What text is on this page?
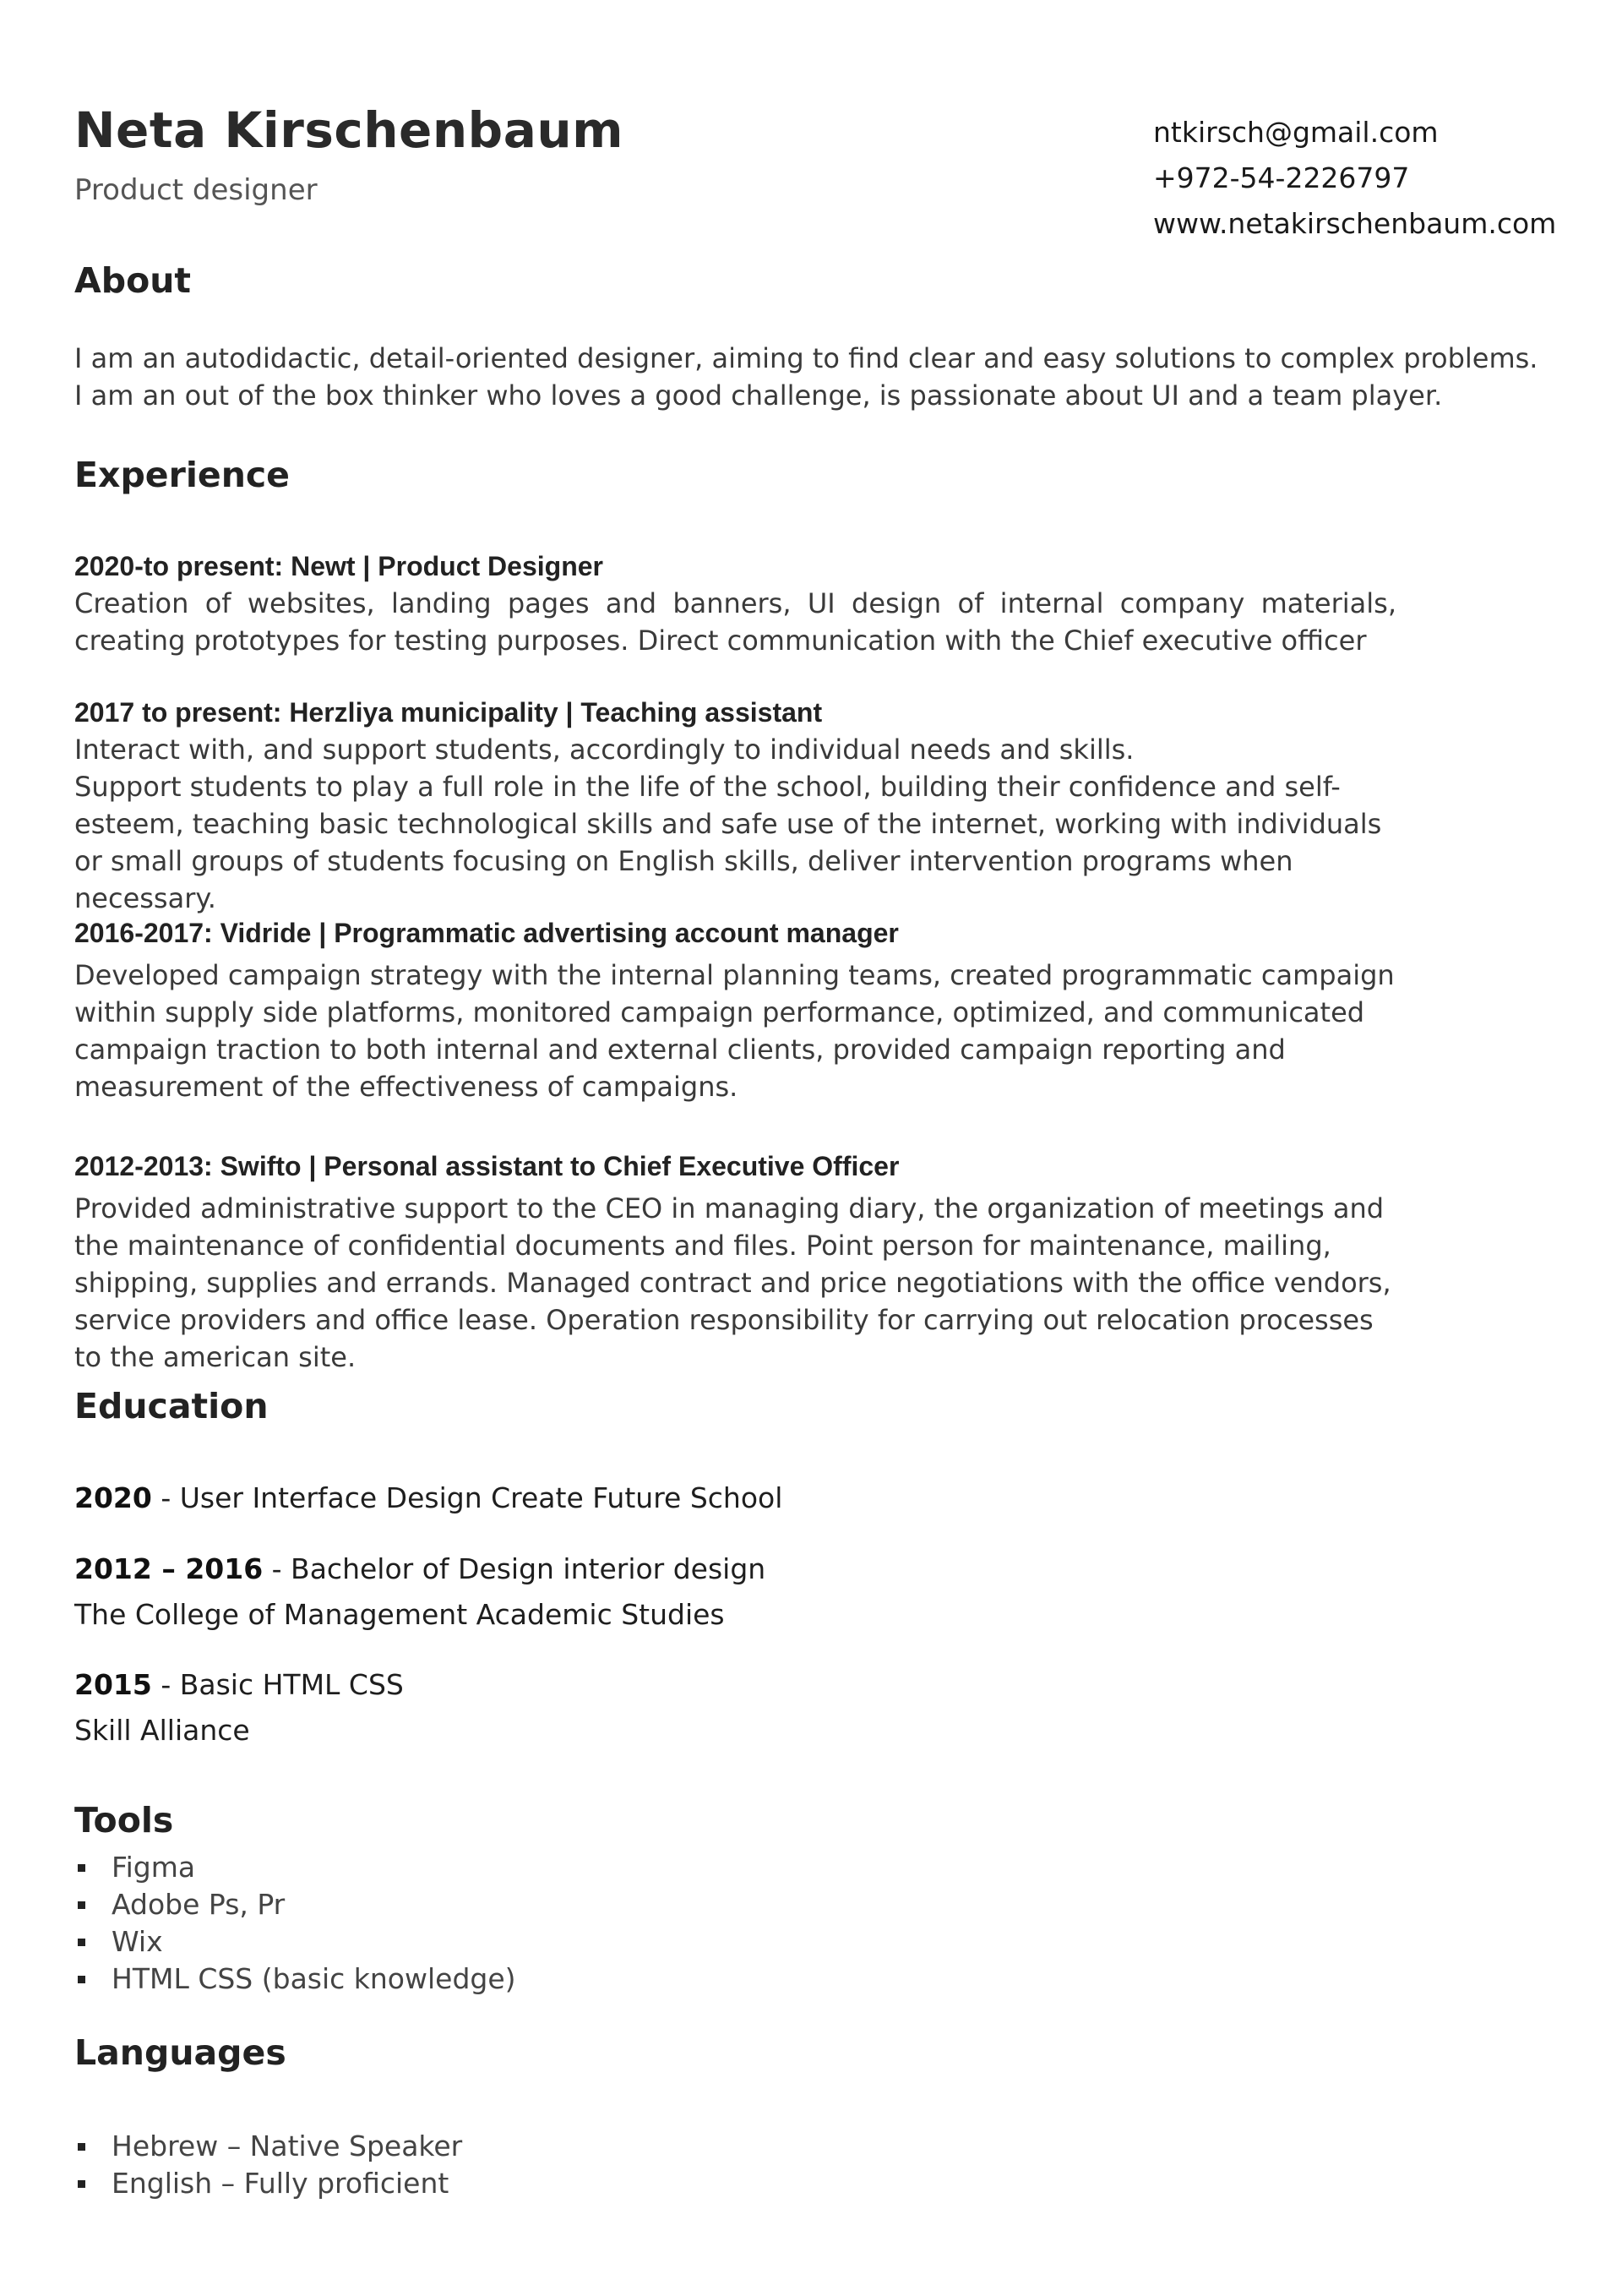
Neta Kirschenbaum
Product designer
ntkirsch@gmail.com
+972-54-2226797
www.netakirschenbaum.com
About
I am an autodidactic, detail-oriented designer, aiming to find clear and easy solutions to complex problems.
I am an out of the box thinker who loves a good challenge, is passionate about UI and a team player.
Experience
2020-to present: Newt | Product Designer
Creation of websites, landing pages and banners, UI design of internal company materials, creating prototypes for testing purposes. Direct communication with the Chief executive officer
2017 to present: Herzliya municipality | Teaching assistant
Interact with, and support students, accordingly to individual needs and skills.
Support students to play a full role in the life of the school, building their confidence and self-esteem, teaching basic technological skills and safe use of the internet, working with individuals or small groups of students focusing on English skills, deliver intervention programs when necessary.
2016-2017: Vidride | Programmatic advertising account manager
Developed campaign strategy with the internal planning teams, created programmatic campaign within supply side platforms, monitored campaign performance, optimized, and communicated campaign traction to both internal and external clients, provided campaign reporting and measurement of the effectiveness of campaigns.
2012-2013: Swifto | Personal assistant to Chief Executive Officer
Provided administrative support to the CEO in managing diary, the organization of meetings and the maintenance of confidential documents and files. Point person for maintenance, mailing, shipping, supplies and errands. Managed contract and price negotiations with the office vendors, service providers and office lease. Operation responsibility for carrying out relocation processes to the american site.
Education
2020 - User Interface Design Create Future School
2012 – 2016 - Bachelor of Design interior design
The College of Management Academic Studies
2015 - Basic HTML CSS
Skill Alliance
Tools
Figma
Adobe Ps, Pr
Wix
HTML CSS (basic knowledge)
Languages
Hebrew – Native Speaker
English – Fully proficient
